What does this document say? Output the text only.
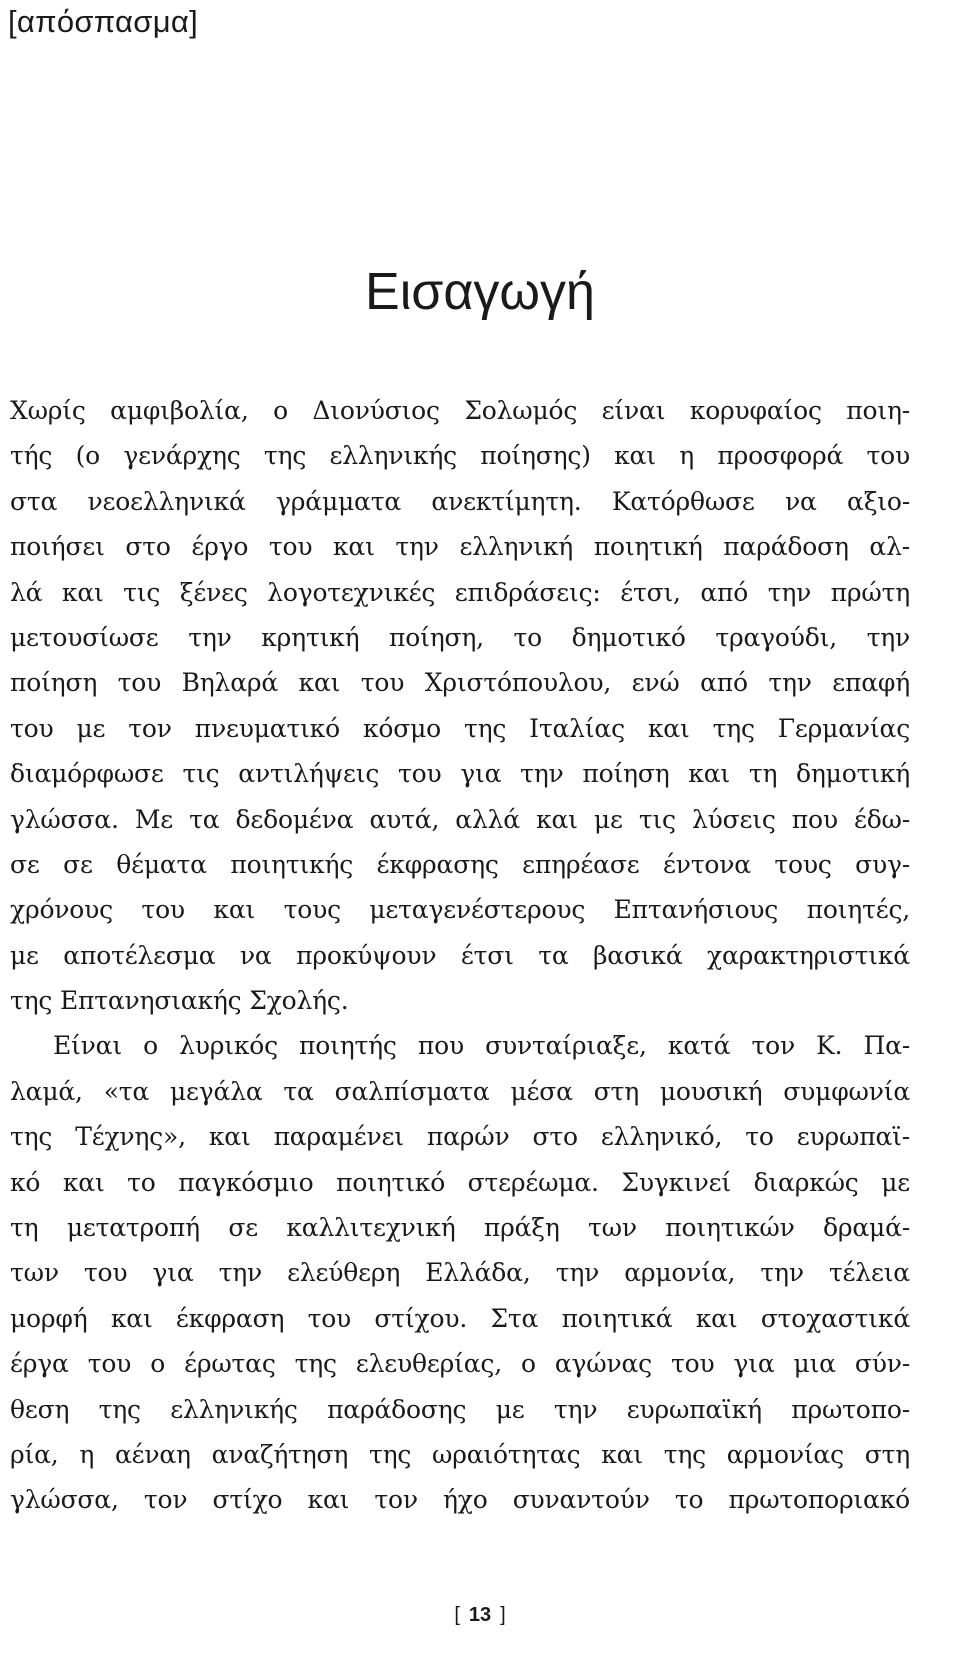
[απόσπασμα]
Εισαγωγή
Χωρίς αμφιβολία, ο Διονύσιος Σολωμός είναι κορυφαίος ποιη-
τής (ο γενάρχης της ελληνικής ποίησης) και η προσφορά του
στα νεοελληνικά γράμματα ανεκτίμητη. Κατόρθωσε να αξιο-
ποιήσει στο έργο του και την ελληνική ποιητική παράδοση αλ-
λά και τις ξένες λογοτεχνικές επιδράσεις: έτσι, από την πρώτη
μετουσίωσε την κρητική ποίηση, το δημοτικό τραγούδι, την
ποίηση του Βηλαρά και του Χριστόπουλου, ενώ από την επαφή
του με τον πνευματικό κόσμο της Ιταλίας και της Γερμανίας
διαμόρφωσε τις αντιλήψεις του για την ποίηση και τη δημοτική
γλώσσα. Με τα δεδομένα αυτά, αλλά και με τις λύσεις που έδω-
σε σε θέματα ποιητικής έκφρασης επηρέασε έντονα τους συγ-
χρόνους του και τους μεταγενέστερους Επτανήσιους ποιητές,
με αποτέλεσμα να προκύψουν έτσι τα βασικά χαρακτηριστικά
της Επτανησιακής Σχολής.
Είναι ο λυρικός ποιητής που συνταίριαξε, κατά τον Κ. Πα-
λαμά, «τα μεγάλα τα σαλπίσματα μέσα στη μουσική συμφωνία
της Τέχνης», και παραμένει παρών στο ελληνικό, το ευρωπαϊ-
κό και το παγκόσμιο ποιητικό στερέωμα. Συγκινεί διαρκώς με
τη μετατροπή σε καλλιτεχνική πράξη των ποιητικών δραμά-
των του για την ελεύθερη Ελλάδα, την αρμονία, την τέλεια
μορφή και έκφραση του στίχου. Στα ποιητικά και στοχαστικά
έργα του ο έρωτας της ελευθερίας, ο αγώνας του για μια σύν-
θεση της ελληνικής παράδοσης με την ευρωπαϊκή πρωτοπο-
ρία, η αέναη αναζήτηση της ωραιότητας και της αρμονίας στη
γλώσσα, τον στίχο και τον ήχο συναντούν το πρωτοποριακό
[ 13 ]
